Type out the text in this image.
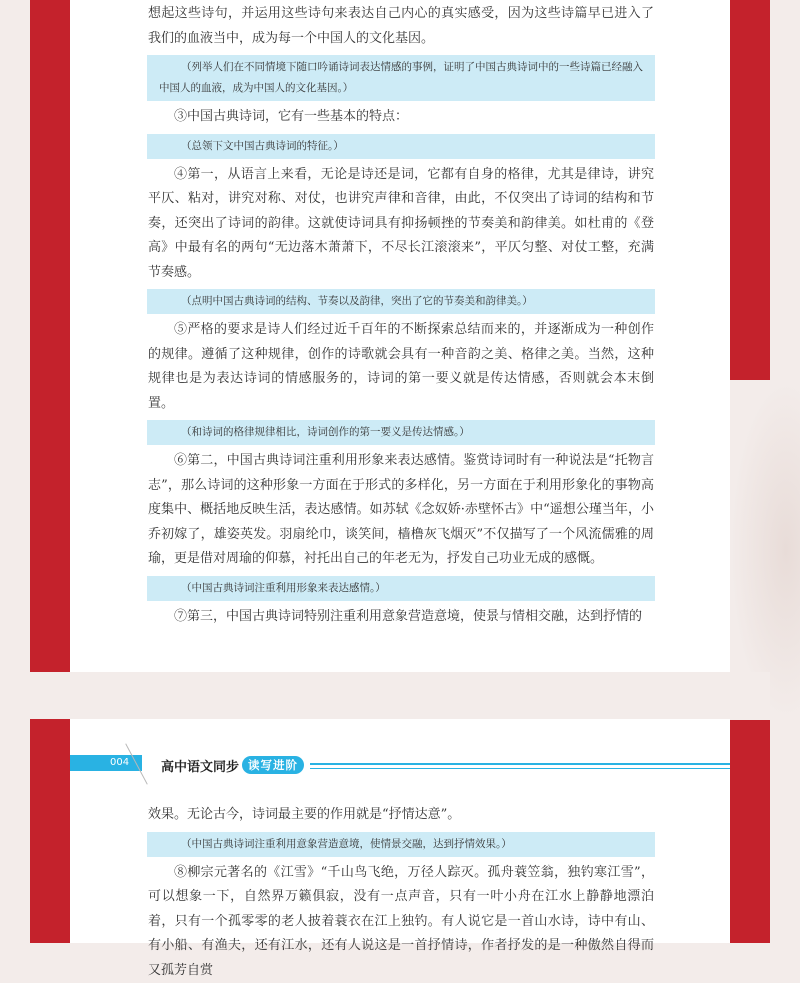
想起这些诗句，并运用这些诗句来表达自己内心的真实感受，因为这些诗篇早已进入了我们的血液当中，成为每一个中国人的文化基因。

（列举人们在不同情境下随口吟诵诗词表达情感的事例，证明了中国古典诗词中的一些诗篇已经融入中国人的血液，成为中国人的文化基因。）

③中国古典诗词，它有一些基本的特点：

（总领下文中国古典诗词的特征。）

④第一，从语言上来看，无论是诗还是词，它都有自身的格律，尤其是律诗，讲究平仄、粘对，讲究对称、对仗，也讲究声律和音律，由此，不仅突出了诗词的结构和节奏，还突出了诗词的韵律。这就使诗词具有抑扬顿挫的节奏美和韵律美。如杜甫的《登高》中最有名的两句“无边落木萧萧下，不尽长江滚滚来”，平仄匀整、对仗工整，充满节奏感。

（点明中国古典诗词的结构、节奏以及韵律，突出了它的节奏美和韵律美。）

⑤严格的要求是诗人们经过近千百年的不断探索总结而来的，并逐渐成为一种创作的规律。遵循了这种规律，创作的诗歌就会具有一种音韵之美、格律之美。当然，这种规律也是为表达诗词的情感服务的，诗词的第一要义就是传达情感，否则就会本末倒置。

（和诗词的格律规律相比，诗词创作的第一要义是传达情感。）

⑥第二，中国古典诗词注重利用形象来表达感情。鉴赏诗词时有一种说法是“托物言志”，那么诗词的这种形象一方面在于形式的多样化，另一方面在于利用形象化的事物高度集中、概括地反映生活，表达感情。如苏轼《念奴娇·赤壁怀古》中“遥想公瑾当年，小乔初嫁了，雄姿英发。羽扇纶巾，谈笑间，樯橹灰飞烟灭”不仅描写了一个风流儒雅的周瑜，更是借对周瑜的仰慕，衬托出自己的年老无为，抒发自己功业无成的感慨。

（中国古典诗词注重利用形象来表达感情。）

⑦第三，中国古典诗词特别注重利用意象营造意境，使景与情相交融，达到抒情的

004 高中语文同步 读写进阶

效果。无论古今，诗词最主要的作用就是“抒情达意”。

（中国古典诗词注重利用意象营造意境，使情景交融，达到抒情效果。）

⑧柳宗元著名的《江雪》“千山鸟飞绝，万径人踪灭。孤舟蓑笠翁，独钓寒江雪”，可以想象一下，自然界万籁俱寂，没有一点声音，只有一叶小舟在江水上静静地漂泊着，只有一个孤零零的老人披着蓑衣在江上独钓。有人说它是一首山水诗，诗中有山、有小船、有渔夫，还有江水，还有人说这是一首抒情诗，作者抒发的是一种傲然自得而又孤芳自赏
